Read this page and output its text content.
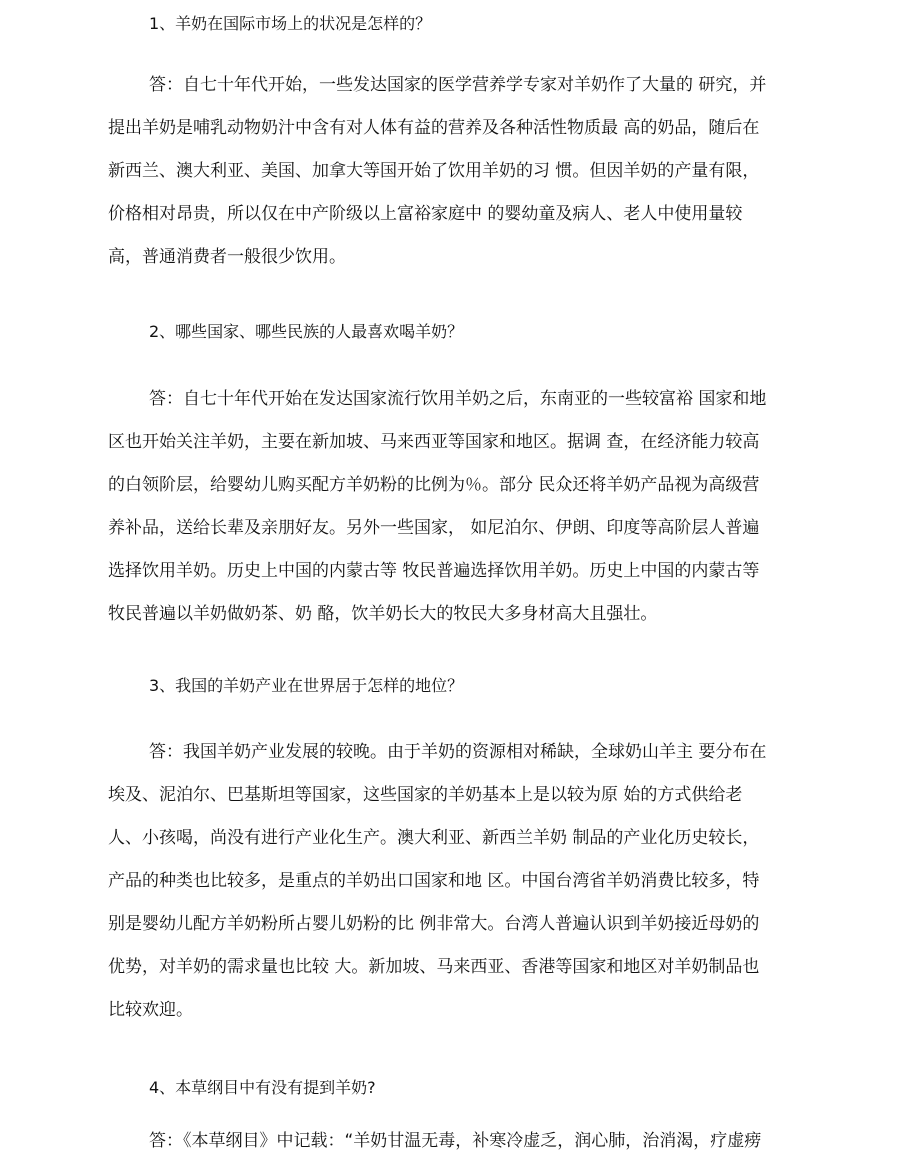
1、羊奶在国际市场上的状况是怎样的？

答：自七十年代开始，一些发达国家的医学营养学专家对羊奶作了大量的 研究，并
提出羊奶是哺乳动物奶汁中含有对人体有益的营养及各种活性物质最 高的奶品，随后在
新西兰、澳大利亚、美国、加拿大等国开始了饮用羊奶的习 惯。但因羊奶的产量有限，
价格相对昂贵，所以仅在中产阶级以上富裕家庭中 的婴幼童及病人、老人中使用量较
高，普通消费者一般很少饮用。

2、哪些国家、哪些民族的人最喜欢喝羊奶？

答：自七十年代开始在发达国家流行饮用羊奶之后，东南亚的一些较富裕 国家和地
区也开始关注羊奶，主要在新加坡、马来西亚等国家和地区。据调 查，在经济能力较高
的白领阶层，给婴幼儿购买配方羊奶粉的比例为％。部分 民众还将羊奶产品视为高级营
养补品，送给长辈及亲朋好友。另外一些国家， 如尼泊尔、伊朗、印度等高阶层人普遍
选择饮用羊奶。历史上中国的内蒙古等 牧民普遍选择饮用羊奶。历史上中国的内蒙古等
牧民普遍以羊奶做奶茶、奶 酪，饮羊奶长大的牧民大多身材高大且强壮。

3、我国的羊奶产业在世界居于怎样的地位？

答：我国羊奶产业发展的较晚。由于羊奶的资源相对稀缺，全球奶山羊主 要分布在
埃及、泥泊尔、巴基斯坦等国家，这些国家的羊奶基本上是以较为原 始的方式供给老
人、小孩喝，尚没有进行产业化生产。澳大利亚、新西兰羊奶 制品的产业化历史较长，
产品的种类也比较多，是重点的羊奶出口国家和地 区。中国台湾省羊奶消费比较多，特
别是婴幼儿配方羊奶粉所占婴儿奶粉的比 例非常大。台湾人普遍认识到羊奶接近母奶的
优势，对羊奶的需求量也比较 大。新加坡、马来西亚、香港等国家和地区对羊奶制品也
比较欢迎。

4、本草纲目中有没有提到羊奶?

答：《本草纲目》中记载：“羊奶甘温无毒，补寒冷虚乏，润心肺，治消渴，疗虚痨
